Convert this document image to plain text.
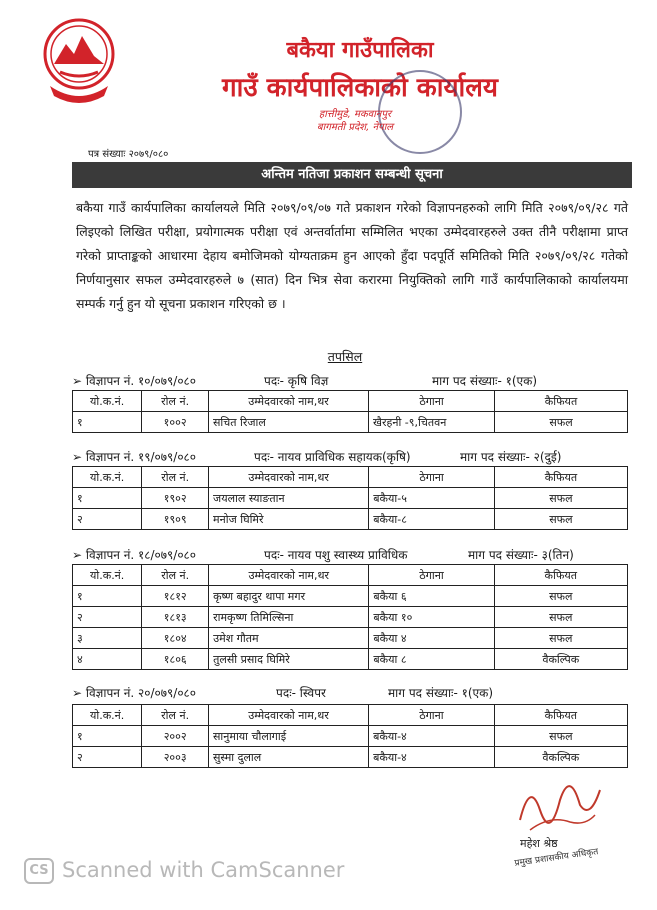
बकैया गाउँपालिका
गाउँ कार्यपालिकाको कार्यालय
हात्तीमुडे, मकवानपुर
बागमती प्रदेश, नेपाल
पत्र संख्याः २०७९/०८०
अन्तिम नतिजा प्रकाशन सम्बन्धी सूचना
बकैया गाउँ कार्यपालिका कार्यालयले मिति २०७९/०९/०७ गते प्रकाशन गरेको विज्ञापनहरुको लागि मिति २०७९/०९/२८ गते लिइएको लिखित परीक्षा, प्रयोगात्मक परीक्षा एवं अन्तर्वार्तामा सम्मिलित भएका उम्मेदवारहरुले उक्त तीनै परीक्षामा प्राप्त गरेको प्राप्ताङ्कको आधारमा देहाय बमोजिमको योग्यताक्रम हुन आएको हुँदा पदपूर्ति समितिको मिति २०७९/०९/२८ गतेको निर्णयानुसार सफल उम्मेदवारहरुले ७ (सात) दिन भित्र सेवा करारमा नियुक्तिको लागि गाउँ कार्यपालिकाको कार्यालयमा सम्पर्क गर्नु हुन यो सूचना प्रकाशन गरिएको छ ।
तपसिल
➢ विज्ञापन नं. १०/०७९/०८०	पदः- कृषि विज्ञ	माग पद संख्याः- १(एक)
यो.क.नं.	रोल नं.	उम्मेदवारको नाम,थर	ठेगाना	कैफियत
१	१००२	सचित रिजाल	खैरहनी -९,चितवन	सफल
➢ विज्ञापन नं. १९/०७९/०८०	पदः- नायव प्राविधिक सहायक(कृषि)	माग पद संख्याः- २(दुई)
यो.क.नं.	रोल नं.	उम्मेदवारको नाम,थर	ठेगाना	कैफियत
१	१९०२	जयलाल स्याङतान	बकैया-५	सफल
२	१९०९	मनोज घिमिरे	बकैया-८	सफल
➢ विज्ञापन नं. १८/०७९/०८०	पदः- नायव पशु स्वास्थ्य प्राविधिक	माग पद संख्याः- ३(तिन)
यो.क.नं.	रोल नं.	उम्मेदवारको नाम,थर	ठेगाना	कैफियत
१	१८१२	कृष्ण बहादुर थापा मगर	बकैया ६	सफल
२	१८१३	रामकृष्ण तिमिल्सिना	बकैया १०	सफल
३	१८०४	उमेश गौतम	बकैया ४	सफल
४	१८०६	तुलसी प्रसाद घिमिरे	बकैया ८	वैकल्पिक
➢ विज्ञापन नं. २०/०७९/०८०	पदः- स्विपर	माग पद संख्याः- १(एक)
यो.क.नं.	रोल नं.	उम्मेदवारको नाम,थर	ठेगाना	कैफियत
१	२००२	सानुमाया चौलागाई	बकैया-४	सफल
२	२००३	सुस्मा दुलाल	बकैया-४	वैकल्पिक
महेश श्रेष्ठ
प्रमुख प्रशासकीय अधिकृत
CS Scanned with CamScanner
